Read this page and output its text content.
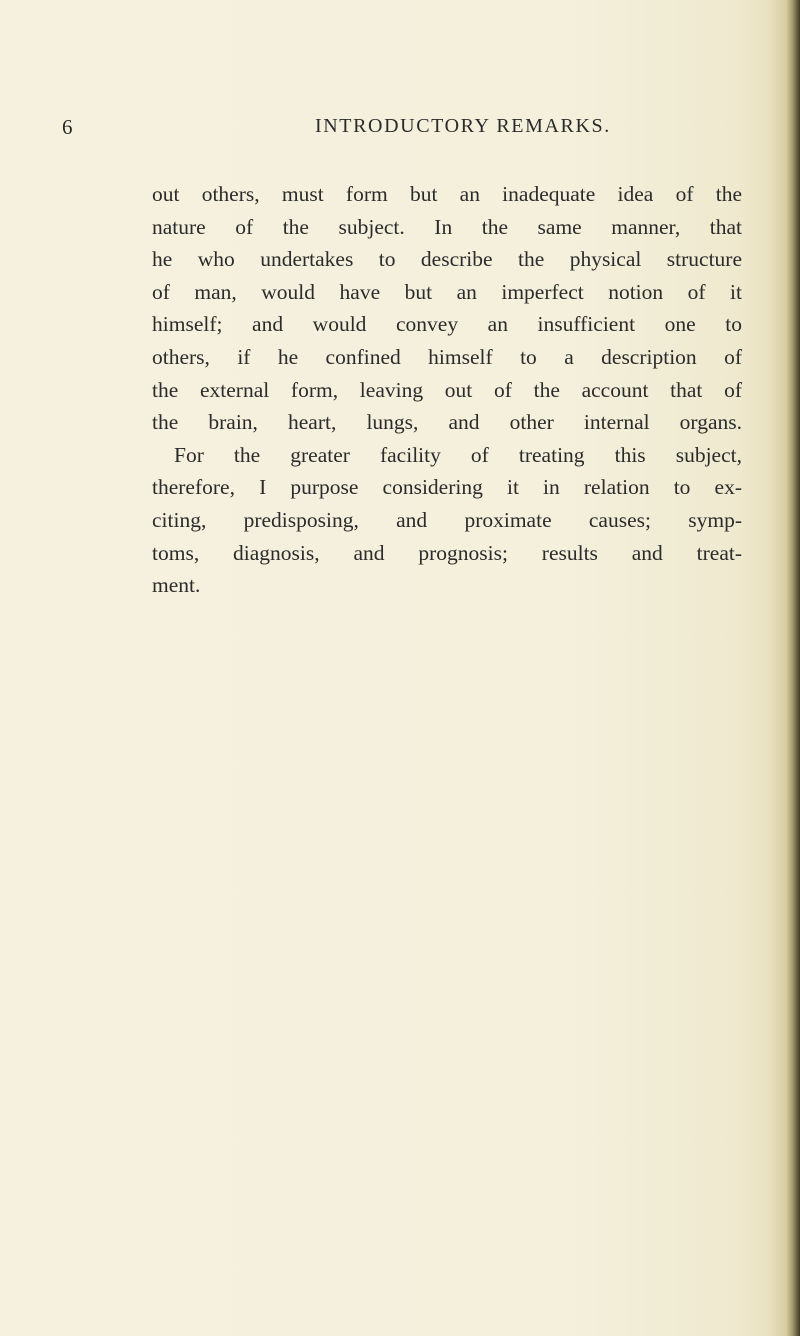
6	INTRODUCTORY REMARKS.
out others, must form but an inadequate idea of the
nature of the subject. In the same manner, that
he who undertakes to describe the physical structure
of man, would have but an imperfect notion of it
himself; and would convey an insufficient one to
others, if he confined himself to a description of
the external form, leaving out of the account that of
the brain, heart, lungs, and other internal organs.
For the greater facility of treating this subject,
therefore, I purpose considering it in relation to ex-
citing, predisposing, and proximate causes; symp-
toms, diagnosis, and prognosis; results and treat-
ment.
